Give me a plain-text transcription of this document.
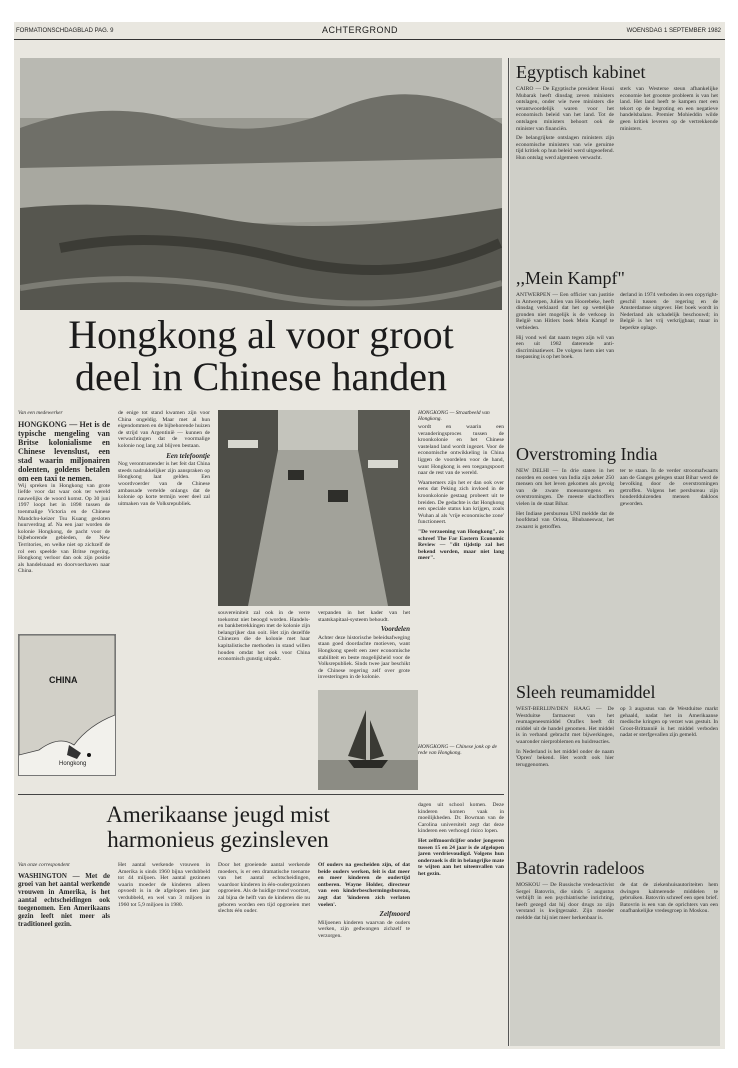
FORMATIONSCHDAGBLAD PAG. 9	ACHTERGROND	WOENSDAG 1 SEPTEMBER 1982
Hongkong al voor groot
deel in Chinese handen
Van een medewerker
HONGKONG — Het is de typische mengeling van Britse kolonialisme en Chinese levenslust, een stad waarin miljonairen dolenten, goldens betalen om een taxi te nemen.

Wij spreken in Hongkong van grote liefde voor dat waar ook ter wereld nauwelijks de woord komst. Op 30 juni 1997 loopt het in 1898 tussen de toenmalige Victoria en de Chinese Mandchu-keizer Tsu Kuang gesloten huurverdrag af. Na een jaar worden de kolonie Hongkong, de pacht voor de bijbehorende gebieden, de New Territories, en welke niet op zichzelf de rol een speelde van Britse regering. Hongkong verloor dan ook zijn positie als handelsnaad en doorvoerhaven naar China.

CHINA
Hongkong

de enige tot stand kwamen zijn voor China ongeldig. Maar met al hun eigendommen en de bijbehorende huizen de strijd van Argentinië — kunnen de verwachtingen dat de voormalige kolonie nog lang zal blijven bestaan.

Een telefoontje

Nog verontrustender is het feit dat China steeds nadrukkelijker zijn aanspraken op Hongkong laat gelden. Een woordvoerder van de Chinese ambassade vertelde onlangs dat de kolonie op korte termijn weer deel zal uitmaken van de Volksrepubliek.

souvereiniteit zal ook in de verre toekomst niet beoogd worden. Handels- en bankbetrekkingen met de kolonie zijn belangrijker dan ooit. Het zijn dezelfde Chinezen die de kolonie met haar kapitalistische methoden in stand willen houden omdat het ook voor China economisch gunstig uitpakt.

verpanden in het kader van het staatskapitaal-systeem behoudt.

Voordelen

Achter deze historische beleidsafweging staan goed doordachte motieven, want Hongkong speelt een zeer economische stabiliteit en beste mogelijkheid voor de Volksrepubliek. Sinds twee jaar beschikt de Chinese regering zelf over grote investeringen in de kolonie.

HONGKONG — Straatbeeld van Hongkong.

wordt en waarin een veranderingsproces tussen de kroonkolonie en het Chinese vasteland land wordt ingezet. Voor de economische ontwikkeling in China liggen de voordelen voor de hand, want Hongkong is een toegangspoort naar de rest van de wereld.

Waarnemers zijn het er dan ook over eens dat Peking zich invloed in de kroonkolonie gestaag probeert uit te breiden. De gedachte is dat Hongkong een speciale status kan krijgen, zoals Wuhan al als 'vrije economische zone' functioneert.

"De verzoening van Hongkong", zo schreef The Far Eastern Economic Review — "dit tijdstip zal het bekend worden, maar niet lang meer".

HONGKONG — Chinese jonk op de rede van Hongkong.
Amerikaanse jeugd mist
harmonieus gezinsleven
Van onze correspondent
WASHINGTON — Met de groei van het aantal werkende vrouwen in Amerika, is het aantal echtscheidingen ook toegenomen. Een Amerikaans gezin leeft niet meer als traditioneel gezin.

Het aantal werkende vrouwen in Amerika is sinds 1960 bijna verdubbeld tot 44 miljoen. Het aantal gezinnen waarin moeder de kinderen alleen opvoedt is in de afgelopen tien jaar verdubbeld, en wel van 3 miljoen in 1960 tot 5,9 miljoen in 1980.

Door het groeiende aantal werkende moeders, is er een dramatische toename van het aantal echtscheidingen, waardoor kinderen in één-oudergezinnen opgroeien. Als de huidige trend voortzet, zal bijna de helft van de kinderen die nu geboren worden een tijd opgroeien met slechts één ouder.

Of ouders na gescheiden zijn, of dat beide ouders werken, feit is dat meer en meer kinderen de oudertijd ontberen. Wayne Holder, directeur van een kinderbeschermingsbureau, zegt dat 'kinderen zich verlaten voelen'.

Zelfmoord

Miljoenen kinderen waarvan de ouders werken, zijn gedwongen zichzelf te verzorgen.

dagen uit school komen. Deze kinderen komen vaak in moeilijkheden. Dr. Bowman van de Carolina universiteit zegt dat deze kinderen een verhoogd risico lopen.

Het zelfmoordcijfer onder jongeren tussen 15 en 24 jaar is de afgelopen jaren verdrievoudigd. Volgens hun onderzoek is dit in belangrijke mate te wijten aan het uiteenvallen van het gezin.

Egyptisch kabinet

CAIRO — De Egyptische president Hosni Mubarak heeft dinsdag zeven ministers ontslagen, onder wie twee ministers die verantwoordelijk waren voor het economisch beleid van het land. Tot de ontslagen ministers behoort ook de minister van financiën.

De belangrijkste ontslagen ministers zijn economische ministers van wie geruime tijd kritiek op hun beleid werd uitgeoefend. Hun ontslag werd algemeen verwacht.

sterk van Westerse steun afhankelijke economie het grootste probleem is van het land. Het land heeft te kampen met een tekort op de begroting en een negatieve handelsbalans. Premier Mohieddin wilde geen kritiek leveren op de vertrekkende ministers.

,,Mein Kampf"

ANTWERPEN — Een officier van justitie in Antwerpen, Julien van Hoorebeke, heeft dinsdag verklaard dat het op wettelijke gronden niet mogelijk is de verkoop in België van Hitlers boek Mein Kampf te verbieden.

Hij vond wel dat naam tegen zijn wil van een uit 1982 daterende anti-discriminatiewet. De volgens hem niet van toepassing is op het boek.

derland in 1974 verboden in een copyright-geschil tussen de regering en de Amsterdamse uitgever. Het boek wordt in Nederland als schadelijk beschouwd; in België is het vrij verkrijgbaar, maar in beperkte oplage.

Overstroming India

NEW DELHI — In drie staten in het noorden en oosten van India zijn zeker 250 mensen om het leven gekomen als gevolg van de zware moessonregens en overstromingen. De meeste slachtoffers vielen in de staat Bihar.

Het Indiase persbureau UNI meldde dat de hoofdstad van Orissa, Bhubaneswar, het zwaarst is getroffen.

ter te staan. In de verder stroomafwaarts aan de Ganges gelegen staat Bihar werd de bevolking door de overstromingen getroffen. Volgens het persbureau zijn honderdduizenden mensen dakloos geworden.

Sleeh reumamiddel

WEST-BERLIJN/DEN HAAG — De Westduitse farmaceut van het reumageneesmiddel Oraflex heeft dit middel uit de handel genomen. Het middel is in verband gebracht met bijwerkingen, waaronder nierproblemen en huidreacties.

In Nederland is het middel onder de naam 'Opren' bekend. Het wordt ook hier teruggenomen.

op 3 augustus van de Westduitse markt gehaald, nadat het in Amerikaanse medische kringen op verzet was gestuit. In Groot-Brittannië is het middel verboden nadat er sterfgevallen zijn gemeld.

Batovrin radeloos

MOSKOU — De Russische vredesactivist Sergei Batovrin, die sinds 5 augustus verblijft in een psychiatrische inrichting, heeft gezegd dat hij door drugs zo zijn verstand is kwijtgeraakt. Zijn moeder meldde dat hij niet meer herkenbaar is.

de dat de ziekenhuisautoriteiten hem dwingen kalmerende middelen te gebruiken. Batovrin schreef een open brief. Batovrin is een van de oprichters van een onafhankelijke vredesgroep in Moskou.
